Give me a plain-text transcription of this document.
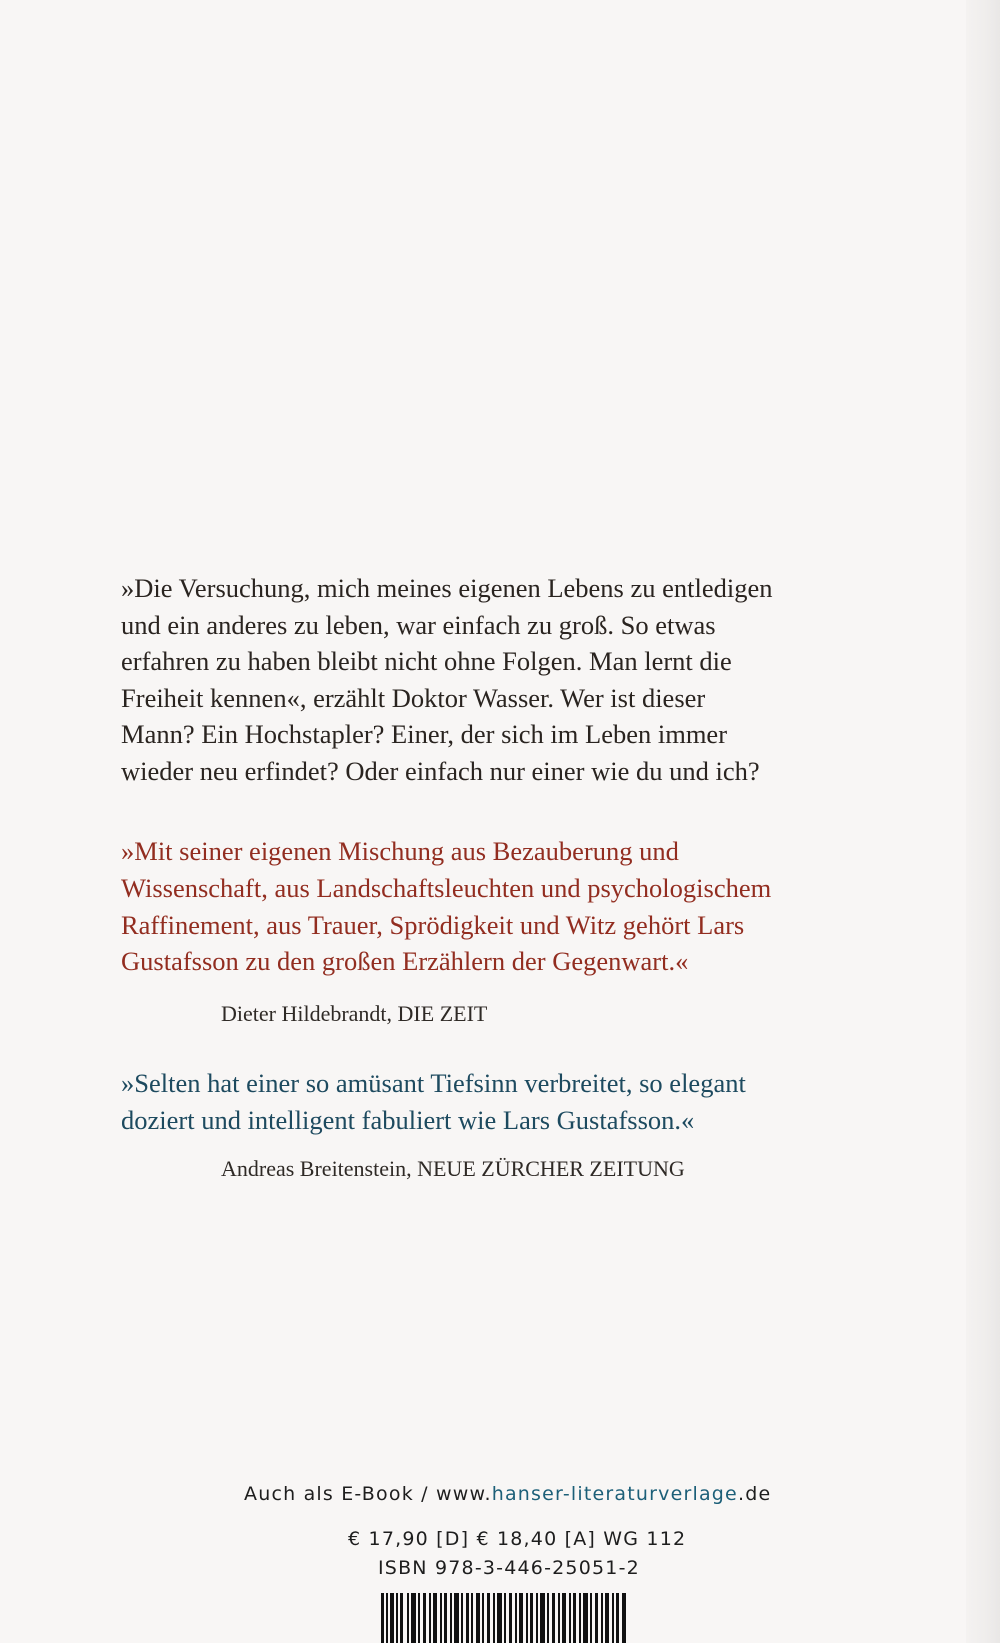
»Die Versuchung, mich meines eigenen Lebens zu entledigen
und ein anderes zu leben, war einfach zu groß. So etwas
erfahren zu haben bleibt nicht ohne Folgen. Man lernt die
Freiheit kennen«, erzählt Doktor Wasser. Wer ist dieser
Mann? Ein Hochstapler? Einer, der sich im Leben immer
wieder neu erfindet? Oder einfach nur einer wie du und ich?

»Mit seiner eigenen Mischung aus Bezauberung und
Wissenschaft, aus Landschaftsleuchten und psychologischem
Raffinement, aus Trauer, Sprödigkeit und Witz gehört Lars
Gustafsson zu den großen Erzählern der Gegenwart.«

Dieter Hildebrandt, DIE ZEIT

»Selten hat einer so amüsant Tiefsinn verbreitet, so elegant
doziert und intelligent fabuliert wie Lars Gustafsson.«

Andreas Breitenstein, NEUE ZÜRCHER ZEITUNG
Auch als E-Book / www.hanser-literaturverlage.de
€ 17,90 [D] € 18,40 [A] WG 112
ISBN 978-3-446-25051-2
